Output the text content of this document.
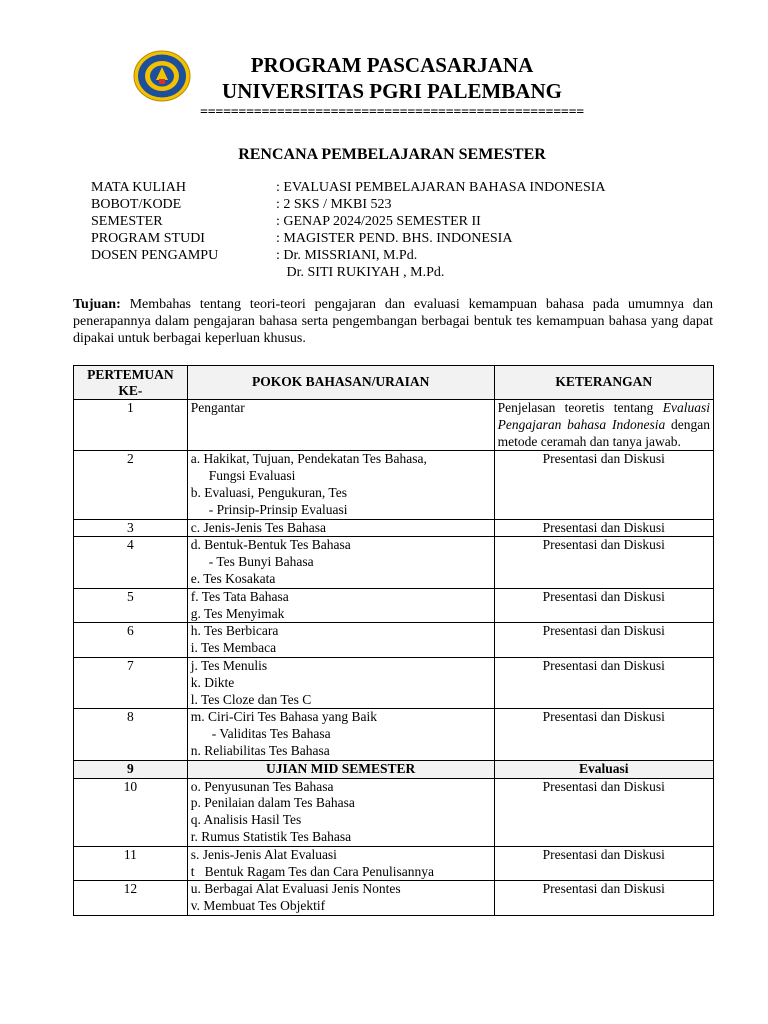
PROGRAM PASCASARJANA
UNIVERSITAS PGRI PALEMBANG
==================================================
RENCANA PEMBELAJARAN SEMESTER
MATA KULIAH	: EVALUASI PEMBELAJARAN BAHASA INDONESIA
BOBOT/KODE	: 2 SKS / MKBI 523
SEMESTER	: GENAP 2024/2025 SEMESTER II
PROGRAM STUDI	: MAGISTER PEND. BHS. INDONESIA
DOSEN PENGAMPU	: Dr. MISSRIANI, M.Pd.
Dr. SITI RUKIYAH , M.Pd.
Tujuan: Membahas tentang teori-teori pengajaran dan evaluasi kemampuan bahasa pada umumnya dan penerapannya dalam pengajaran bahasa serta pengembangan berbagai bentuk tes kemampuan bahasa yang dapat dipakai untuk berbagai keperluan khusus.
PERTEMUAN KE-	POKOK BAHASAN/URAIAN	KETERANGAN
1	Pengantar	Penjelasan teoretis tentang Evaluasi Pengajaran bahasa Indonesia dengan metode ceramah dan tanya jawab.
2	a. Hakikat, Tujuan, Pendekatan Tes Bahasa,
Fungsi Evaluasi
b. Evaluasi, Pengukuran, Tes
- Prinsip-Prinsip Evaluasi	Presentasi dan Diskusi
3	c. Jenis-Jenis Tes Bahasa	Presentasi dan Diskusi
4	d. Bentuk-Bentuk Tes Bahasa
- Tes Bunyi Bahasa
e. Tes Kosakata	Presentasi dan Diskusi
5	f. Tes Tata Bahasa
g. Tes Menyimak	Presentasi dan Diskusi
6	h. Tes Berbicara
i. Tes Membaca	Presentasi dan Diskusi
7	j. Tes Menulis
k. Dikte
l. Tes Cloze dan Tes C	Presentasi dan Diskusi
8	m. Ciri-Ciri Tes Bahasa yang Baik
- Validitas Tes Bahasa
n. Reliabilitas Tes Bahasa	Presentasi dan Diskusi
9	UJIAN MID SEMESTER	Evaluasi
10	o. Penyusunan Tes Bahasa
p. Penilaian dalam Tes Bahasa
q. Analisis Hasil Tes
r. Rumus Statistik Tes Bahasa	Presentasi dan Diskusi
11	s. Jenis-Jenis Alat Evaluasi
t   Bentuk Ragam Tes dan Cara Penulisannya	Presentasi dan Diskusi
12	u. Berbagai Alat Evaluasi Jenis Nontes
v. Membuat Tes Objektif	Presentasi dan Diskusi
